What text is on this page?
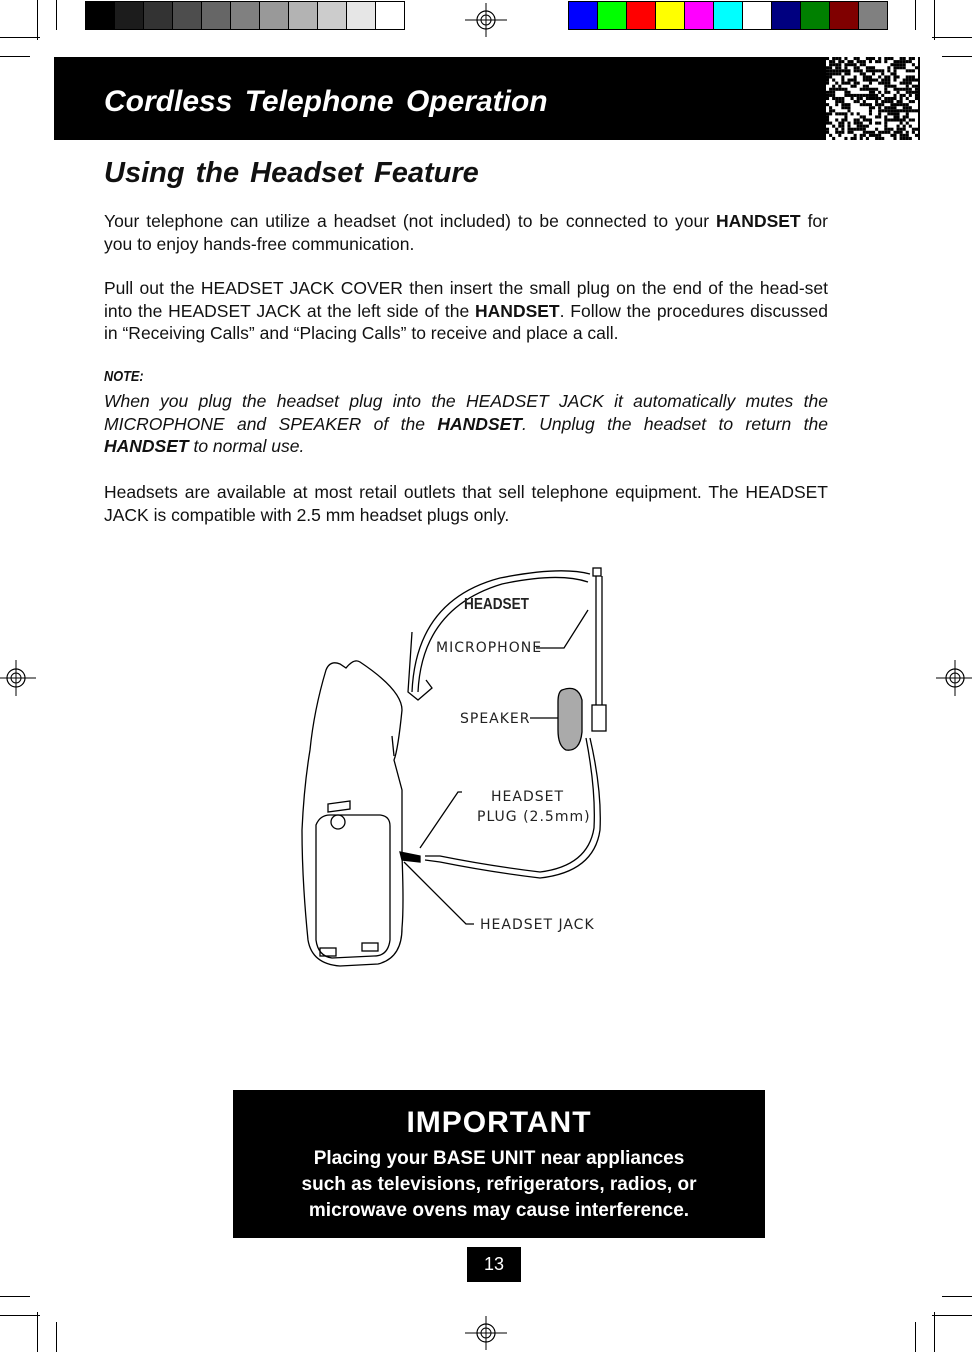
Cordless Telephone Operation
Using the Headset Feature
Your telephone can utilize a headset (not included) to be connected to your HANDSET for you to enjoy hands-free communication.
Pull out the HEADSET JACK COVER then insert the small plug on the end of the head-set into the HEADSET JACK at the left side of the HANDSET. Follow the procedures discussed in “Receiving Calls” and “Placing Calls” to receive and place a call.
NOTE:
When you plug the headset plug into the HEADSET JACK it automatically mutes the MICROPHONE and SPEAKER of the HANDSET. Unplug the headset to return the HANDSET to normal use.
Headsets are available at most retail outlets that sell telephone equipment. The HEADSET JACK is compatible with 2.5 mm headset plugs only.
HEADSET
MICROPHONE
SPEAKER
HEADSET
PLUG (2.5mm)
HEADSET JACK
IMPORTANT
Placing your BASE UNIT near appliances
such as televisions, refrigerators, radios, or
microwave ovens may cause interference.
13
